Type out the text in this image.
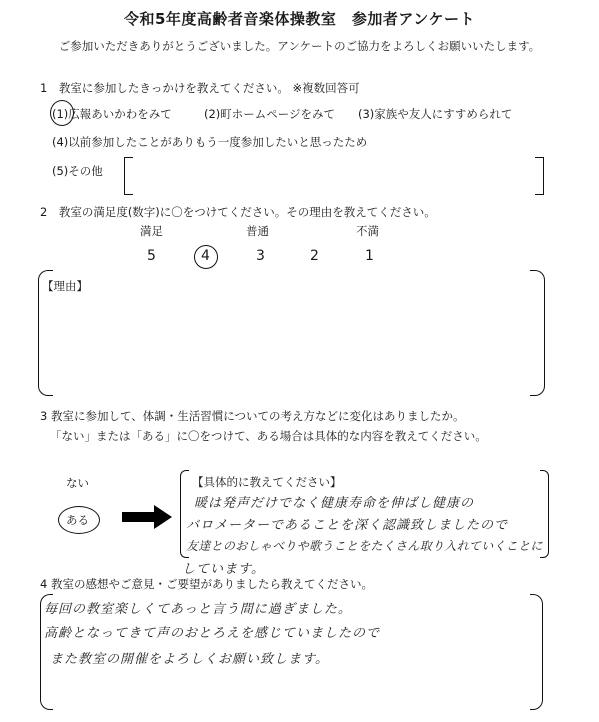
令和5年度高齢者音楽体操教室　参加者アンケート
ご参加いただきありがとうございました。アンケートのご協力をよろしくお願いいたします。
1　教室に参加したきっかけを教えてください。 ※複数回答可
(1)広報あいかわをみて	(2)町ホームページをみて (3)家族や友人にすすめられて
(4)以前参加したことがありもう一度参加したいと思ったため
(5)その他
2　教室の満足度(数字)に〇をつけてください。その理由を教えてください。
満足	普通	不満
5	4	3	2	1
【理由】
3 教室に参加して、体調・生活習慣についての考え方などに変化はありましたか。
「ない」または「ある」に〇をつけて、ある場合は具体的な内容を教えてください。
ない
ある
【具体的に教えてください】
暖は発声だけでなく健康寿命を伸ばし健康の
バロメーターであることを深く認識致しましたので
友達とのおしゃべりや歌うことをたくさん取り入れていくことに
しています。
4 教室の感想やご意見・ご要望がありましたら教えてください。
毎回の教室楽しくてあっと言う間に過ぎました。
高齢となってきて声のおとろえを感じていましたので
また教室の開催をよろしくお願い致します。
